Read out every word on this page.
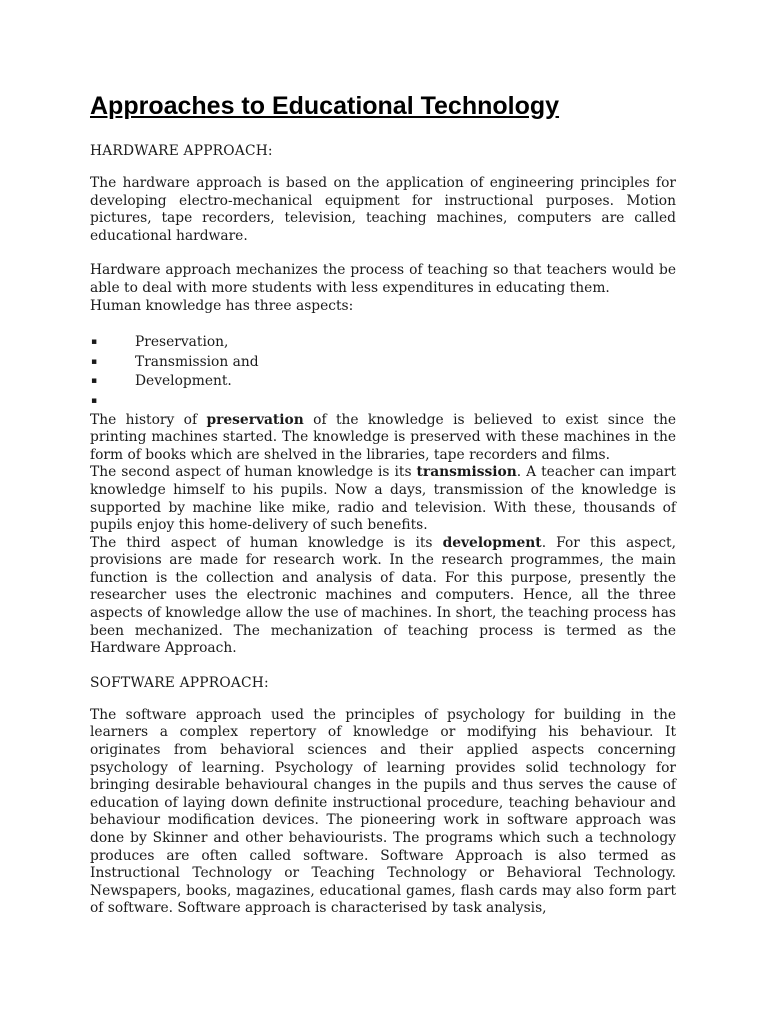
Approaches to Educational Technology
HARDWARE APPROACH:

The hardware approach is based on the application of engineering principles for developing electro-mechanical equipment for instructional purposes. Motion pictures, tape recorders, television, teaching machines, computers are called educational hardware.

Hardware approach mechanizes the process of teaching so that teachers would be able to deal with more students with less expenditures in educating them.

Human knowledge has three aspects:

▪	Preservation,
▪	Transmission and
▪	Development.
▪

The history of preservation of the knowledge is believed to exist since the printing machines started. The knowledge is preserved with these machines in the form of books which are shelved in the libraries, tape recorders and films.

The second aspect of human knowledge is its transmission. A teacher can impart knowledge himself to his pupils. Now a days, transmission of the knowledge is supported by machine like mike, radio and television. With these, thousands of pupils enjoy this home-delivery of such benefits.

The third aspect of human knowledge is its development. For this aspect, provisions are made for research work. In the research programmes, the main function is the collection and analysis of data. For this purpose, presently the researcher uses the electronic machines and computers. Hence, all the three aspects of knowledge allow the use of machines. In short, the teaching process has been mechanized. The mechanization of teaching process is termed as the Hardware Approach.

SOFTWARE APPROACH:

The software approach used the principles of psychology for building in the learners a complex repertory of knowledge or modifying his behaviour. It originates from behavioral sciences and their applied aspects concerning psychology of learning. Psychology of learning provides solid technology for bringing desirable behavioural changes in the pupils and thus serves the cause of education of laying down definite instructional procedure, teaching behaviour and behaviour modification devices. The pioneering work in software approach was done by Skinner and other behaviourists. The programs which such a technology produces are often called software. Software Approach is also termed as Instructional Technology or Teaching Technology or Behavioral Technology. Newspapers, books, magazines, educational games, flash cards may also form part of software. Software approach is characterised by task analysis,
